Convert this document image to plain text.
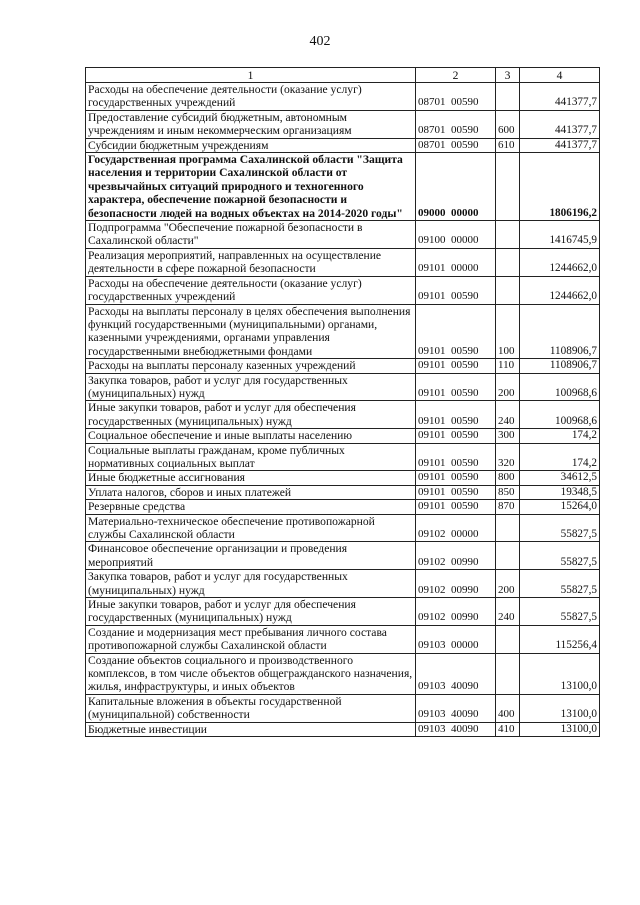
402
1	2	3	4
Расходы на обеспечение деятельности (оказание услуг) государственных учреждений	08701  00590		441377,7
Предоставление субсидий бюджетным, автономным учреждениям и иным некоммерческим организациям	08701  00590	600	441377,7
Субсидии бюджетным учреждениям	08701  00590	610	441377,7
Государственная программа Сахалинской области "Защита населения и территории Сахалинской области от чрезвычайных ситуаций природного и техногенного характера, обеспечение пожарной безопасности и безопасности людей на водных объектах на 2014-2020 годы"	09000  00000		1806196,2
Подпрограмма "Обеспечение пожарной безопасности в Сахалинской области"	09100  00000		1416745,9
Реализация мероприятий, направленных на осуществление деятельности в сфере пожарной безопасности	09101  00000		1244662,0
Расходы на обеспечение деятельности (оказание услуг) государственных учреждений	09101  00590		1244662,0
Расходы на выплаты персоналу в целях обеспечения выполнения функций государственными (муниципальными) органами, казенными учреждениями, органами управления государственными внебюджетными фондами	09101  00590	100	1108906,7
Расходы на выплаты персоналу казенных учреждений	09101  00590	110	1108906,7
Закупка товаров, работ и услуг для государственных (муниципальных) нужд	09101  00590	200	100968,6
Иные закупки товаров, работ и услуг для обеспечения государственных (муниципальных) нужд	09101  00590	240	100968,6
Социальное обеспечение и иные выплаты населению	09101  00590	300	174,2
Социальные выплаты гражданам, кроме публичных нормативных социальных выплат	09101  00590	320	174,2
Иные бюджетные ассигнования	09101  00590	800	34612,5
Уплата налогов, сборов и иных платежей	09101  00590	850	19348,5
Резервные средства	09101  00590	870	15264,0
Материально-техническое обеспечение противопожарной службы Сахалинской области	09102  00000		55827,5
Финансовое обеспечение организации и проведения мероприятий	09102  00990		55827,5
Закупка товаров, работ и услуг для государственных (муниципальных) нужд	09102  00990	200	55827,5
Иные закупки товаров, работ и услуг для обеспечения государственных (муниципальных) нужд	09102  00990	240	55827,5
Создание и модернизация мест пребывания личного состава противопожарной службы Сахалинской области	09103  00000		115256,4
Создание объектов социального и производственного комплексов, в том числе объектов общегражданского назначения, жилья, инфраструктуры, и иных объектов	09103  40090		13100,0
Капитальные вложения в объекты государственной (муниципальной) собственности	09103  40090	400	13100,0
Бюджетные инвестиции	09103  40090	410	13100,0
